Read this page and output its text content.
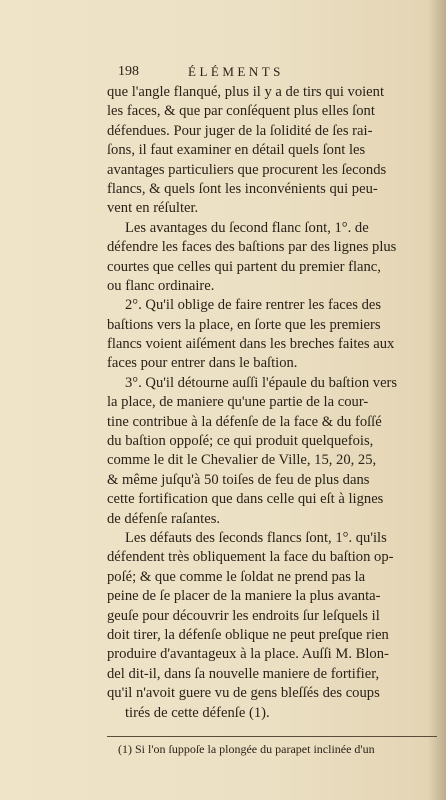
198	ÉLÉMENTS
que l'angle flanqué, plus il y a de tirs qui voient
les faces, & que par conſéquent plus elles ſont
défendues. Pour juger de la ſolidité de ſes rai-
ſons, il faut examiner en détail quels ſont les
avantages particuliers que procurent les ſeconds
flancs, & quels ſont les inconvénients qui peu-
vent en réſulter.
Les avantages du ſecond flanc ſont, 1°. de
défendre les faces des baſtions par des lignes plus
courtes que celles qui partent du premier flanc,
ou flanc ordinaire.
2°. Qu'il oblige de faire rentrer les faces des
baſtions vers la place, en ſorte que les premiers
flancs voient aiſément dans les breches faites aux
faces pour entrer dans le baſtion.
3°. Qu'il détourne auſſi l'épaule du baſtion vers
la place, de maniere qu'une partie de la cour-
tine contribue à la défenſe de la face & du foſſé
du baſtion oppoſé; ce qui produit quelquefois,
comme le dit le Chevalier de Ville, 15, 20, 25,
& même juſqu'à 50 toiſes de feu de plus dans
cette fortification que dans celle qui eſt à lignes
de défenſe raſantes.
Les défauts des ſeconds flancs ſont, 1°. qu'ils
défendent très obliquement la face du baſtion op-
poſé; & que comme le ſoldat ne prend pas la
peine de ſe placer de la maniere la plus avanta-
geuſe pour découvrir les endroits ſur leſquels il
doit tirer, la défenſe oblique ne peut preſque rien
produire d'avantageux à la place. Auſſi M. Blon-
del dit-il, dans ſa nouvelle maniere de fortifier,
qu'il n'avoit guere vu de gens bleſſés des coups
tirés de cette défenſe (1).
(1) Si l'on ſuppoſe la plongée du parapet inclinée d'un
